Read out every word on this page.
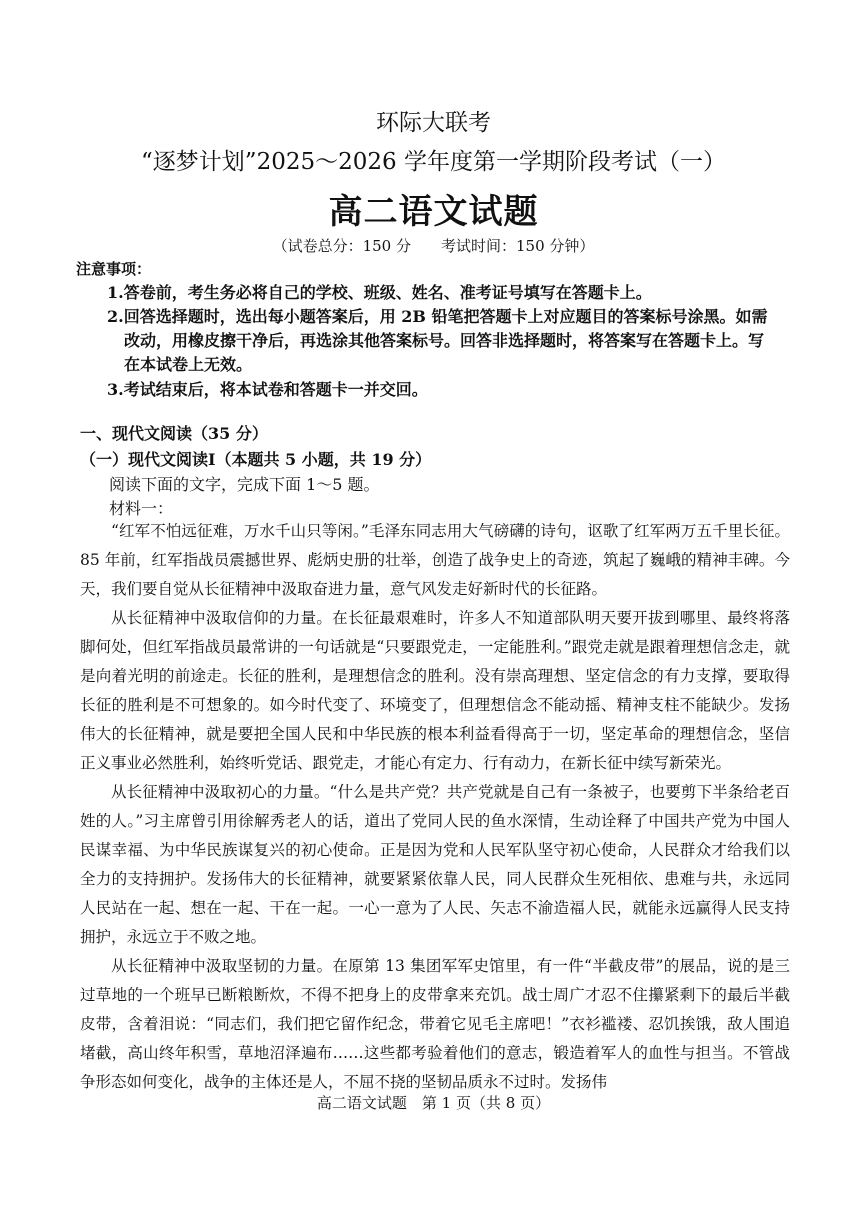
环际大联考
“逐梦计划”2025～2026 学年度第一学期阶段考试（一）
高二语文试题
（试卷总分：150 分　　考试时间：150 分钟）
注意事项：
1.答卷前，考生务必将自己的学校、班级、姓名、准考证号填写在答题卡上。
2.回答选择题时，选出每小题答案后，用 2B 铅笔把答题卡上对应题目的答案标号涂黑。如需
改动，用橡皮擦干净后，再选涂其他答案标号。回答非选择题时，将答案写在答题卡上。写
在本试卷上无效。
3.考试结束后，将本试卷和答题卡一并交回。
一、现代文阅读（35 分）
（一）现代文阅读Ⅰ（本题共 5 小题，共 19 分）
阅读下面的文字，完成下面 1～5 题。
材料一：

“红军不怕远征难，万水千山只等闲。”毛泽东同志用大气磅礴的诗句，讴歌了红军两万五千里长征。85 年前，红军指战员震撼世界、彪炳史册的壮举，创造了战争史上的奇迹，筑起了巍峨的精神丰碑。今天，我们要自觉从长征精神中汲取奋进力量，意气风发走好新时代的长征路。

从长征精神中汲取信仰的力量。在长征最艰难时，许多人不知道部队明天要开拔到哪里、最终将落脚何处，但红军指战员最常讲的一句话就是“只要跟党走，一定能胜利。”跟党走就是跟着理想信念走，就是向着光明的前途走。长征的胜利，是理想信念的胜利。没有崇高理想、坚定信念的有力支撑，要取得长征的胜利是不可想象的。如今时代变了、环境变了，但理想信念不能动摇、精神支柱不能缺少。发扬伟大的长征精神，就是要把全国人民和中华民族的根本利益看得高于一切，坚定革命的理想信念，坚信正义事业必然胜利，始终听党话、跟党走，才能心有定力、行有动力，在新长征中续写新荣光。

从长征精神中汲取初心的力量。“什么是共产党？共产党就是自己有一条被子，也要剪下半条给老百姓的人。”习主席曾引用徐解秀老人的话，道出了党同人民的鱼水深情，生动诠释了中国共产党为中国人民谋幸福、为中华民族谋复兴的初心使命。正是因为党和人民军队坚守初心使命，人民群众才给我们以全力的支持拥护。发扬伟大的长征精神，就要紧紧依靠人民，同人民群众生死相依、患难与共，永远同人民站在一起、想在一起、干在一起。一心一意为了人民、矢志不渝造福人民，就能永远赢得人民支持拥护，永远立于不败之地。

从长征精神中汲取坚韧的力量。在原第 13 集团军军史馆里，有一件“半截皮带”的展品，说的是三过草地的一个班早已断粮断炊，不得不把身上的皮带拿来充饥。战士周广才忍不住攥紧剩下的最后半截皮带，含着泪说：“同志们，我们把它留作纪念，带着它见毛主席吧！”衣衫褴褛、忍饥挨饿，敌人围追堵截，高山终年积雪，草地沼泽遍布……这些都考验着他们的意志，锻造着军人的血性与担当。不管战争形态如何变化，战争的主体还是人，不屈不挠的坚韧品质永不过时。发扬伟

高二语文试题　第 1 页（共 8 页）
